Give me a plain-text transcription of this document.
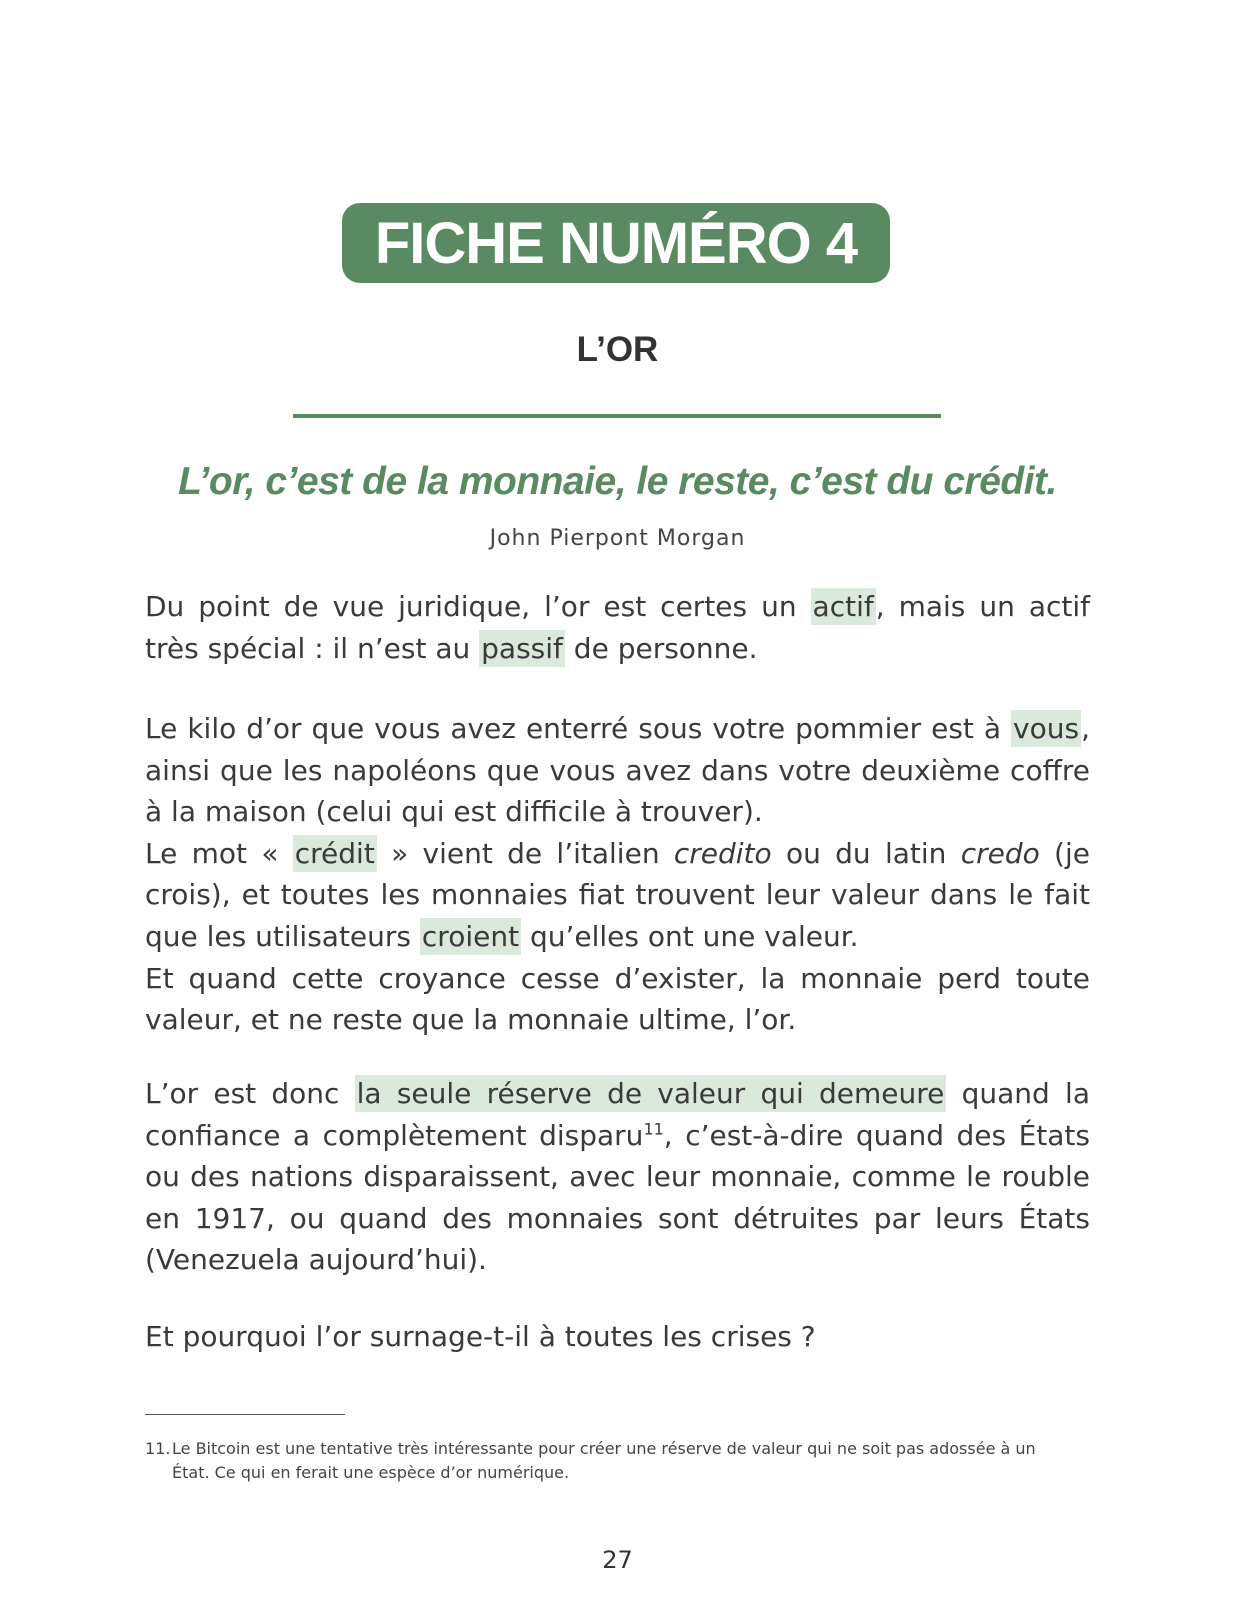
FICHE NUMÉRO 4
L’OR
L’or, c’est de la monnaie, le reste, c’est du crédit.
John Pierpont Morgan

Du point de vue juridique, l’or est certes un actif, mais un actif très spécial : il n’est au passif de personne.

Le kilo d’or que vous avez enterré sous votre pommier est à vous, ainsi que les napoléons que vous avez dans votre deuxième coffre à la maison (celui qui est difficile à trouver).

Le mot « crédit » vient de l’italien credito ou du latin credo (je crois), et toutes les monnaies fiat trouvent leur valeur dans le fait que les utilisateurs croient qu’elles ont une valeur.

Et quand cette croyance cesse d’exister, la monnaie perd toute valeur, et ne reste que la monnaie ultime, l’or.

L’or est donc la seule réserve de valeur qui demeure quand la confiance a complètement disparu$^{11}$, c’est-à-dire quand des États ou des nations disparaissent, avec leur monnaie, comme le rouble en 1917, ou quand des monnaies sont détruites par leurs États (Venezuela aujourd’hui).

Et pourquoi l’or surnage-t-il à toutes les crises ?

11. Le Bitcoin est une tentative très intéressante pour créer une réserve de valeur qui ne soit pas adossée à un État. Ce qui en ferait une espèce d’or numérique.
27
